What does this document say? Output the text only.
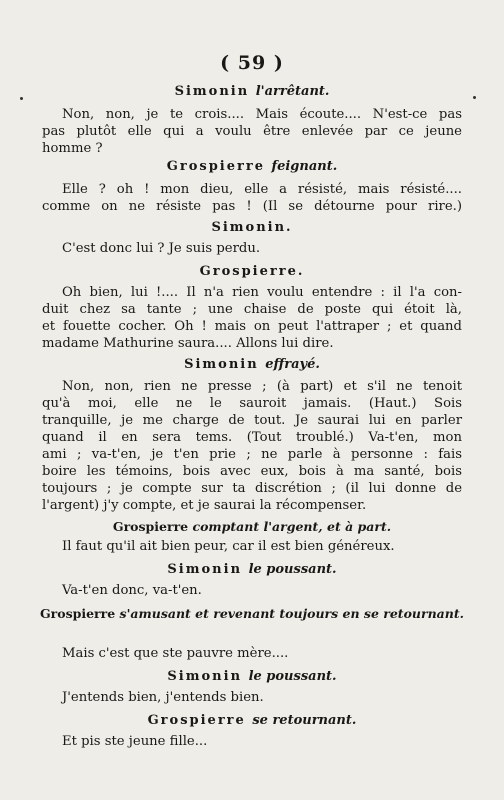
( 59 )
Simonin l'arrêtant.
Non, non, je te crois.... Mais écoute.... N'est-ce pas
pas plutôt elle qui a voulu être enlevée par ce jeune
homme ?
Grospierre feignant.
Elle ? oh ! mon dieu, elle a résisté, mais résisté....
comme on ne résiste pas ! (Il se détourne pour rire.)
Simonin.
C'est donc lui ? Je suis perdu.
Grospierre.
Oh bien, lui !.... Il n'a rien voulu entendre : il l'a con-
duit chez sa tante ; une chaise de poste qui étoit là,
et fouette cocher. Oh ! mais on peut l'attraper ; et quand
madame Mathurine saura.... Allons lui dire.
Simonin effrayé.
Non, non, rien ne presse ; (à part) et s'il ne tenoit
qu'à moi, elle ne le sauroit jamais. (Haut.) Sois
tranquille, je me charge de tout. Je saurai lui en parler
quand il en sera tems. (Tout troublé.) Va-t'en, mon
ami ; va-t'en, je t'en prie ; ne parle à personne : fais
boire les témoins, bois avec eux, bois à ma santé, bois
toujours ; je compte sur ta discrétion ; (il lui donne de
l'argent) j'y compte, et je saurai la récompenser.
Grospierre comptant l'argent, et à part.
Il faut qu'il ait bien peur, car il est bien généreux.
Simonin le poussant.
Va-t'en donc, va-t'en.
Grospierre s'amusant et revenant toujours en se retournant.
Mais c'est que ste pauvre mère....
Simonin le poussant.
J'entends bien, j'entends bien.
Grospierre se retournant.
Et pis ste jeune fille...
